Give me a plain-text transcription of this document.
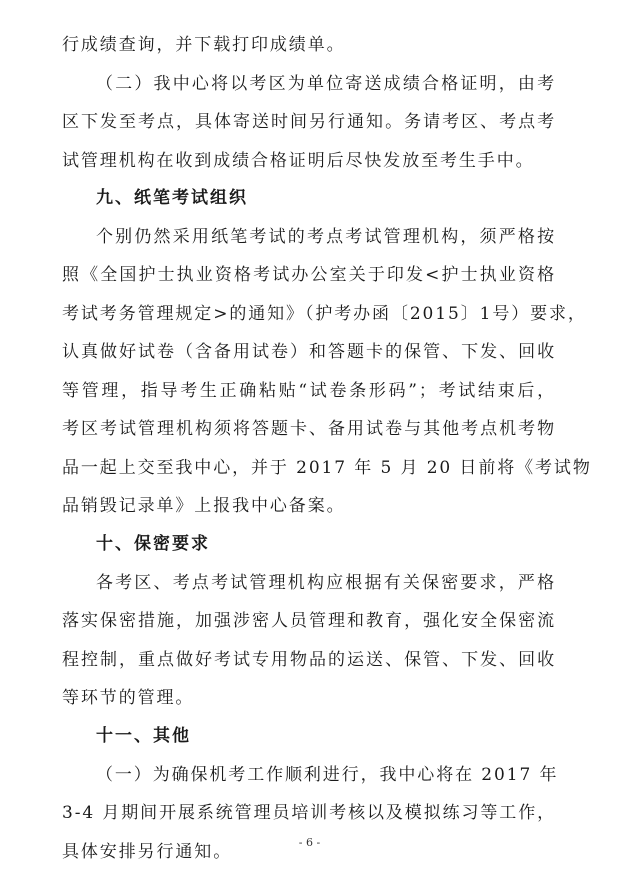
行成绩查询，并下载打印成绩单。
（二）我中心将以考区为单位寄送成绩合格证明，由考
区下发至考点，具体寄送时间另行通知。务请考区、考点考
试管理机构在收到成绩合格证明后尽快发放至考生手中。
九、纸笔考试组织
个别仍然采用纸笔考试的考点考试管理机构，须严格按
照《全国护士执业资格考试办公室关于印发<护士执业资格
考试考务管理规定>的通知》（护考办函〔2015〕1号）要求，
认真做好试卷（含备用试卷）和答题卡的保管、下发、回收
等管理，指导考生正确粘贴“试卷条形码”；考试结束后，
考区考试管理机构须将答题卡、备用试卷与其他考点机考物
品一起上交至我中心，并于 2017 年 5 月 20 日前将《考试物
品销毁记录单》上报我中心备案。
十、保密要求
各考区、考点考试管理机构应根据有关保密要求，严格
落实保密措施，加强涉密人员管理和教育，强化安全保密流
程控制，重点做好考试专用物品的运送、保管、下发、回收
等环节的管理。
十一、其他
（一）为确保机考工作顺利进行，我中心将在 2017 年
3-4 月期间开展系统管理员培训考核以及模拟练习等工作，
具体安排另行通知。	- 6 -
